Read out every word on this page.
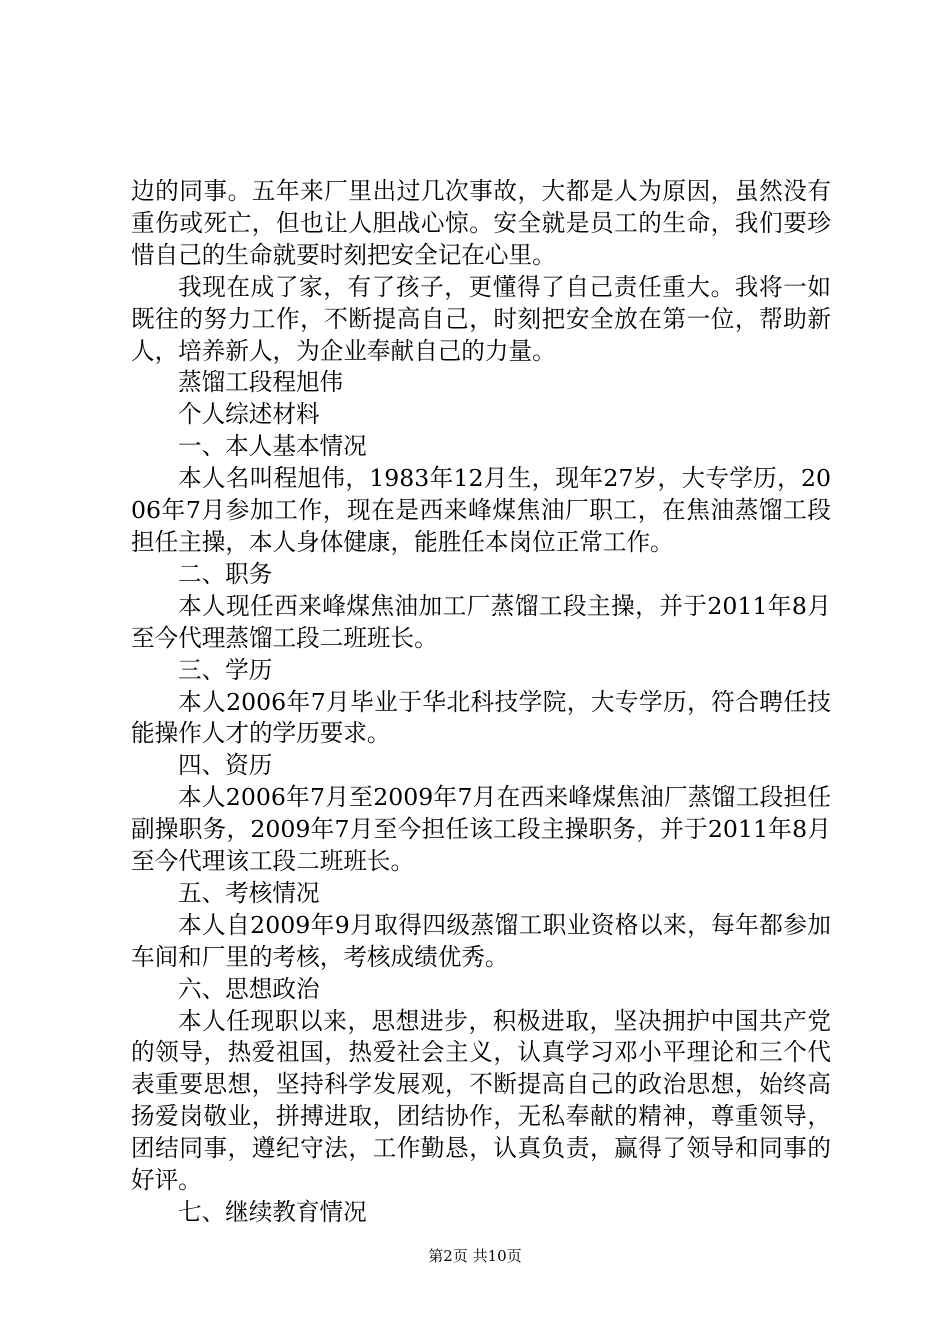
边的同事。五年来厂里出过几次事故，大都是人为原因，虽然没有重伤或死亡，但也让人胆战心惊。安全就是员工的生命，我们要珍惜自己的生命就要时刻把安全记在心里。

我现在成了家，有了孩子，更懂得了自己责任重大。我将一如既往的努力工作，不断提高自己，时刻把安全放在第一位，帮助新人，培养新人，为企业奉献自己的力量。

蒸馏工段程旭伟

个人综述材料

一、本人基本情况

本人名叫程旭伟，1983年12月生，现年27岁，大专学历，2006年7月参加工作，现在是西来峰煤焦油厂职工，在焦油蒸馏工段担任主操，本人身体健康，能胜任本岗位正常工作。

二、职务

本人现任西来峰煤焦油加工厂蒸馏工段主操，并于2011年8月至今代理蒸馏工段二班班长。

三、学历

本人2006年7月毕业于华北科技学院，大专学历，符合聘任技能操作人才的学历要求。

四、资历

本人2006年7月至2009年7月在西来峰煤焦油厂蒸馏工段担任副操职务，2009年7月至今担任该工段主操职务，并于2011年8月至今代理该工段二班班长。

五、考核情况

本人自2009年9月取得四级蒸馏工职业资格以来，每年都参加车间和厂里的考核，考核成绩优秀。

六、思想政治

本人任现职以来，思想进步，积极进取，坚决拥护中国共产党的领导，热爱祖国，热爱社会主义，认真学习邓小平理论和三个代表重要思想，坚持科学发展观，不断提高自己的政治思想，始终高扬爱岗敬业，拼搏进取，团结协作，无私奉献的精神，尊重领导，团结同事，遵纪守法，工作勤恳，认真负责，赢得了领导和同事的好评。

七、继续教育情况

第2页 共10页
